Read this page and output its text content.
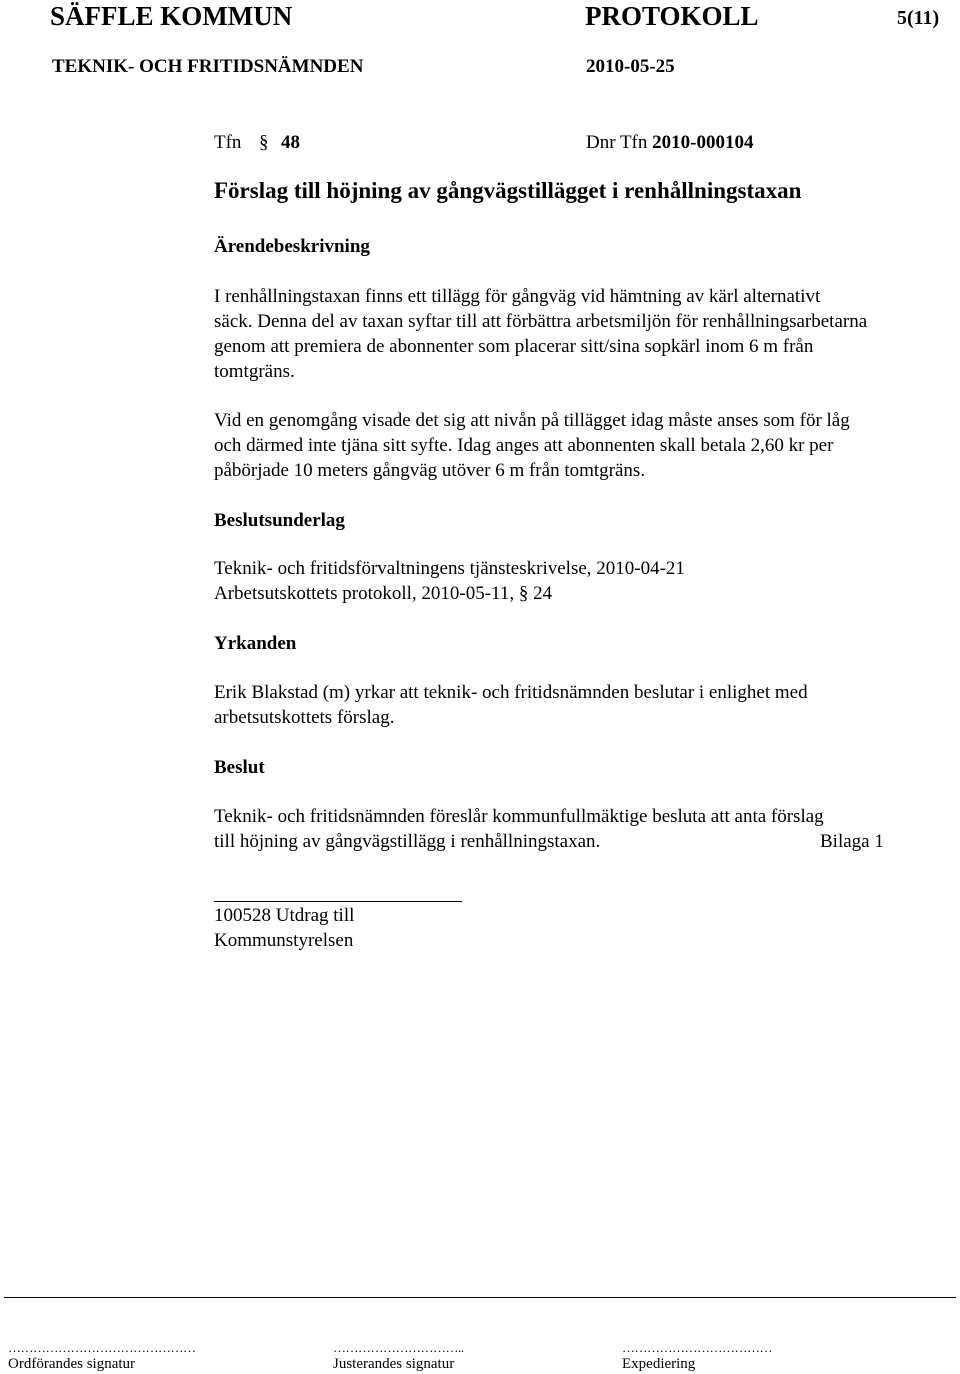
SÄFFLE KOMMUN	PROTOKOLL	5(11)
TEKNIK- OCH FRITIDSNÄMNDEN	2010-05-25
Tfn § 48	Dnr Tfn 2010-000104
Förslag till höjning av gångvägstillägget i renhållningstaxan
Ärendebeskrivning
I renhållningstaxan finns ett tillägg för gångväg vid hämtning av kärl alternativt
säck. Denna del av taxan syftar till att förbättra arbetsmiljön för renhållningsarbetarna
genom att premiera de abonnenter som placerar sitt/sina sopkärl inom 6 m från
tomtgräns.
Vid en genomgång visade det sig att nivån på tillägget idag måste anses som för låg
och därmed inte tjäna sitt syfte. Idag anges att abonnenten skall betala 2,60 kr per
påbörjade 10 meters gångväg utöver 6 m från tomtgräns.
Beslutsunderlag
Teknik- och fritidsförvaltningens tjänsteskrivelse, 2010-04-21
Arbetsutskottets protokoll, 2010-05-11, § 24
Yrkanden
Erik Blakstad (m) yrkar att teknik- och fritidsnämnden beslutar i enlighet med
arbetsutskottets förslag.
Beslut
Teknik- och fritidsnämnden föreslår kommunfullmäktige besluta att anta förslag
till höjning av gångvägstillägg i renhållningstaxan.	Bilaga 1
100528 Utdrag till
Kommunstyrelsen
………………………………………	…………………………..	………………………………
Ordförandes signatur	Justerandes signatur	Expediering
